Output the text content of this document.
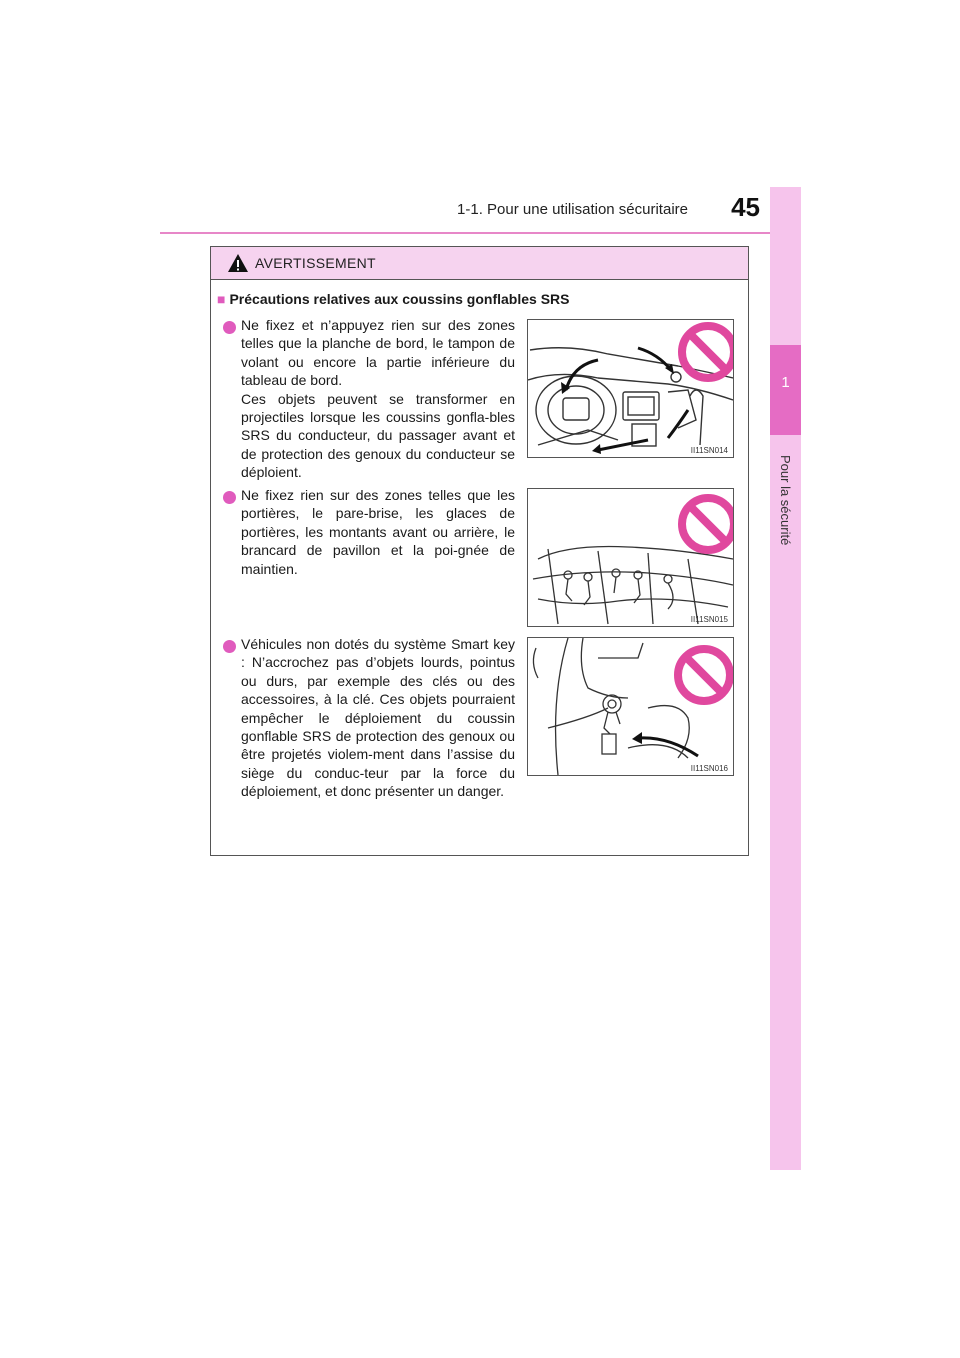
1-1. Pour une utilisation sécuritaire	45
1
Pour la sécurité
AVERTISSEMENT
■ Précautions relatives aux coussins gonflables SRS
Ne fixez et n’appuyez rien sur des zones telles que la planche de bord, le tampon de volant ou encore la partie inférieure du tableau de bord.
Ces objets peuvent se transformer en projectiles lorsque les coussins gonfla-bles SRS du conducteur, du passager avant et de protection des genoux du conducteur se déploient.
II11SN014
Ne fixez rien sur des zones telles que les portières, le pare-brise, les glaces de portières, les montants avant ou arrière, le brancard de pavillon et la poi-gnée de maintien.
II11SN015
Véhicules non dotés du système Smart key : N’accrochez pas d’objets lourds, pointus ou durs, par exemple des clés ou des accessoires, à la clé. Ces objets pourraient empêcher le déploiement du coussin gonflable SRS de protection des genoux ou être projetés violem-ment dans l’assise du siège du conduc-teur par la force du déploiement, et donc présenter un danger.
II11SN016
